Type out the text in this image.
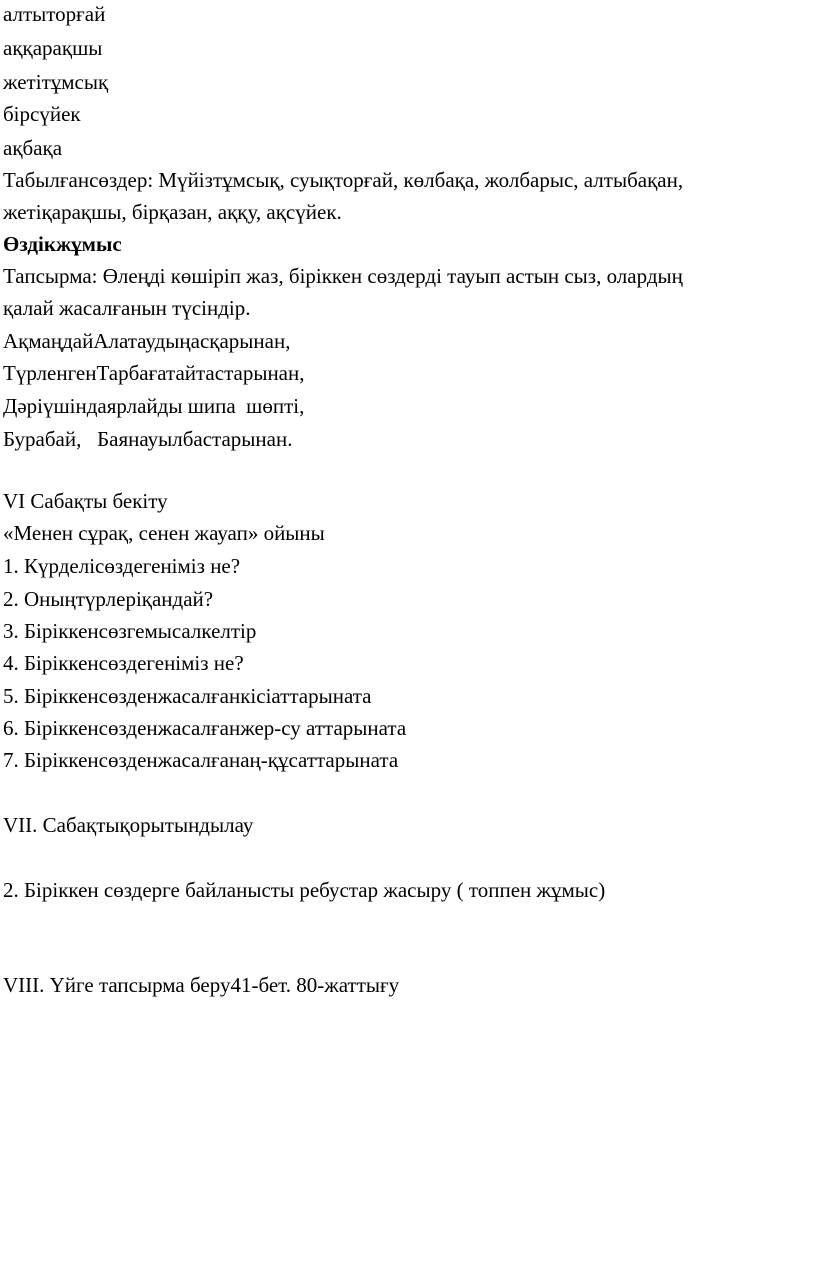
алтыторғай

аққарақшы

жетітұмсық

бірсүйек

ақбақа

Табылғансөздер: Мүйізтұмсық, суықторғай, көлбақа, жолбарыс, алтыбақан,

жетіқарақшы, бірқазан, аққу, ақсүйек.

Өздікжұмыс

Тапсырма: Өлеңді көшіріп жаз, біріккен сөздерді тауып астын сыз, олардың

қалай жасалғанын түсіндір.

АқмаңдайАлатаудыңасқарынан,

ТүрленгенТарбағатайтастарынан,

Дәріүшіндаярлайды шипа  шөпті,

Бурабай,   Баянауылбастарынан.

VI Сабақты бекіту

«Менен сұрақ, сенен жауап» ойыны

1. Күрделісөздегеніміз не?

2. Оныңтүрлеріқандай?

3. Біріккенсөзгемысалкелтір

4. Біріккенсөздегеніміз не?

5. Біріккенсөзденжасалғанкісіаттарыната

6. Біріккенсөзденжасалғанжер-су аттарыната

7. Біріккенсөзденжасалғанаң-құсаттарыната

VII. Сабақтықорытындылау

2. Біріккен сөздерге байланысты ребустар жасыру ( топпен жұмыс)

VIII. Үйге тапсырма беру41-бет. 80-жаттығу
